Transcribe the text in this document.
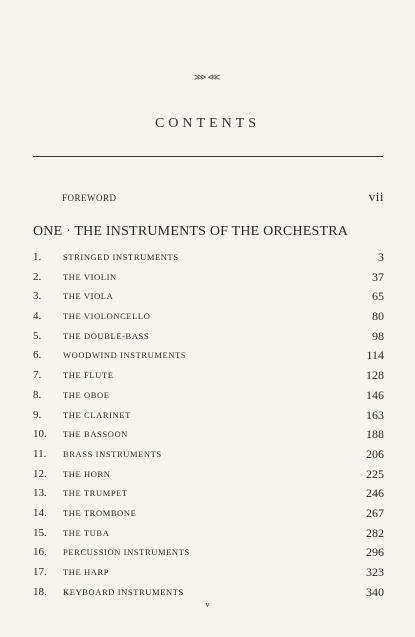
⋙⋘
CONTENTS
FOREWORD	vii
ONE · THE INSTRUMENTS OF THE ORCHESTRA
1.	STRINGED INSTRUMENTS	3
2.	THE VIOLIN	37
3.	THE VIOLA	65
4.	THE VIOLONCELLO	80
5.	THE DOUBLE-BASS	98
6.	WOODWIND INSTRUMENTS	114
7.	THE FLUTE	128
8.	THE OBOE	146
9.	THE CLARINET	163
10. THE BASSOON	188
11. BRASS INSTRUMENTS	206
12. THE HORN	225
13. THE TRUMPET	246
14. THE TROMBONE	267
15. THE TUBA	282
16. PERCUSSION INSTRUMENTS	296
17. THE HARP	323
18. KEYBOARD INSTRUMENTS	340
v
